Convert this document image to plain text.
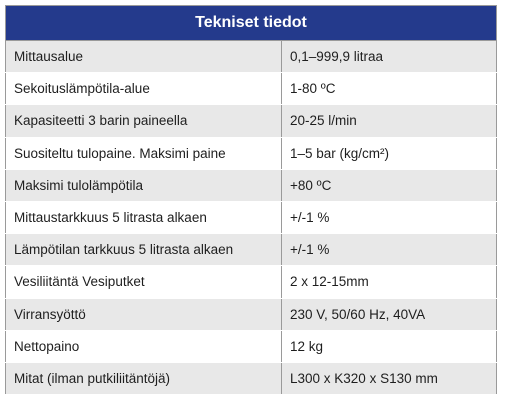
Tekniset tiedot	
Mittausalue	0,1–999,9 litraa
Sekoituslämpötila-alue	1-80 ºC
Kapasiteetti 3 barin paineella	20-25 l/min
Suositeltu tulopaine. Maksimi paine	1–5 bar (kg/cm²)
Maksimi tulolämpötila	+80 ºC
Mittaustarkkuus 5 litrasta alkaen	+/-1 %
Lämpötilan tarkkuus 5 litrasta alkaen	+/-1 %
Vesiliitäntä Vesiputket	2 x 12-15mm
Virransyöttö	230 V, 50/60 Hz, 40VA
Nettopaino	12 kg
Mitat (ilman putkiliitäntöjä)	L300 x K320 x S130 mm
